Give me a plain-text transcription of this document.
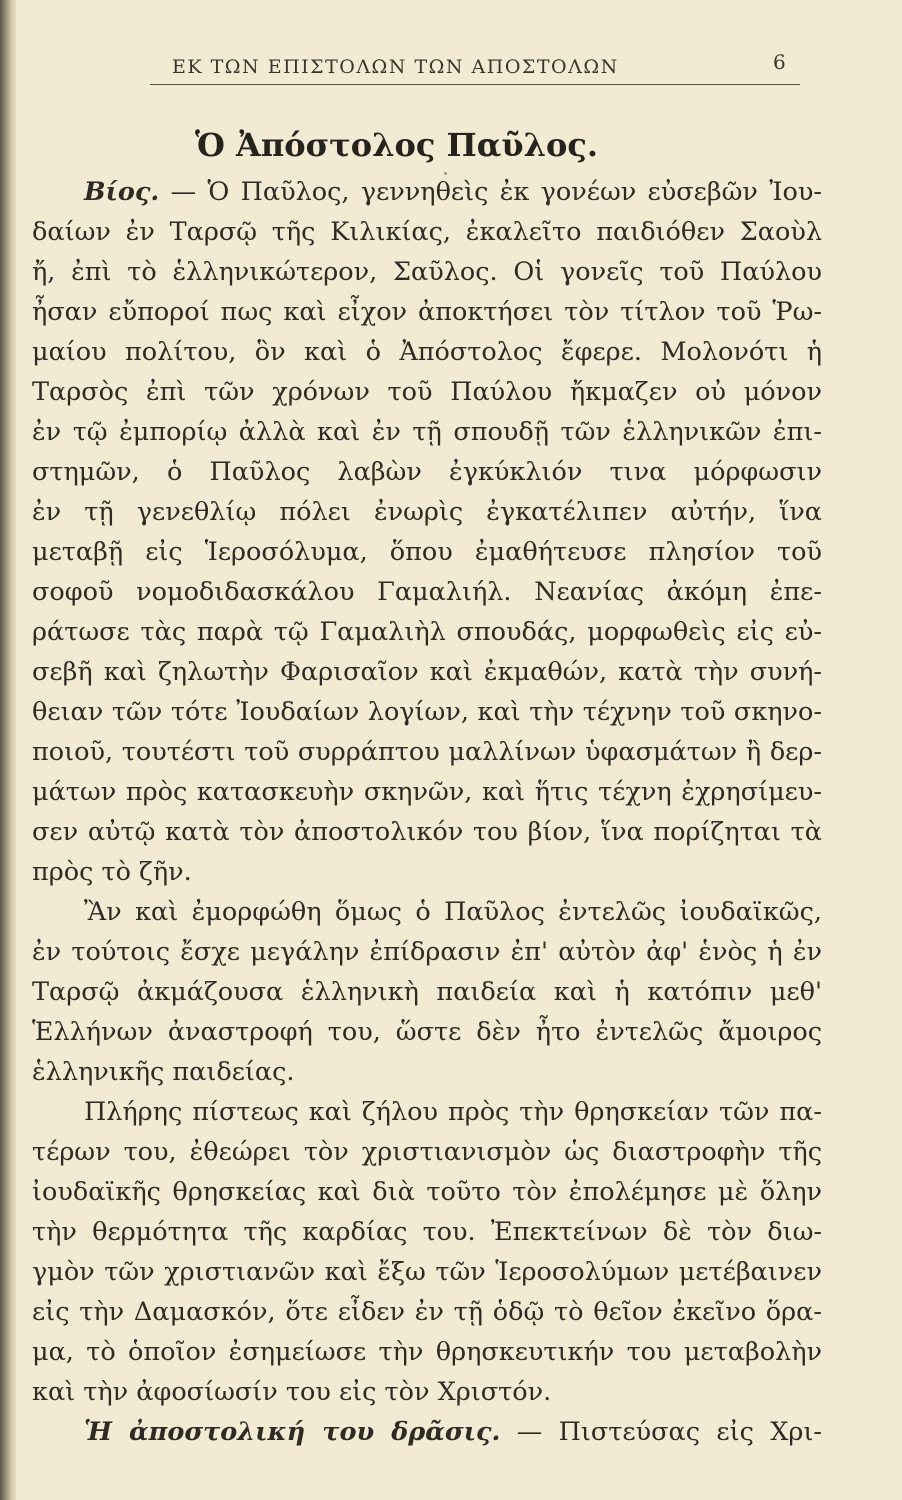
ΕΚ ΤΩΝ ΕΠΙΣΤΟΛΩΝ ΤΩΝ ΑΠΟΣΤΟΛΩΝ	6
Ὁ Ἀπόστολος Παῦλος.
Βίος. — Ὁ Παῦλος, γεννηθεὶς ἐκ γονέων εὐσεβῶν Ἰου-
δαίων ἐν Ταρσῷ τῆς Κιλικίας, ἐκαλεῖτο παιδιόθεν Σαοὺλ
ἤ, ἐπὶ τὸ ἑλληνικώτερον, Σαῦλος. Οἱ γονεῖς τοῦ Παύλου
ἦσαν εὔποροί πως καὶ εἶχον ἀποκτήσει τὸν τίτλον τοῦ Ῥω-
μαίου πολίτου, ὃν καὶ ὁ Ἀπόστολος ἔφερε. Μολονότι ἡ
Ταρσὸς ἐπὶ τῶν χρόνων τοῦ Παύλου ἤκμαζεν οὐ μόνον
ἐν τῷ ἐμπορίῳ ἀλλὰ καὶ ἐν τῇ σπουδῇ τῶν ἑλληνικῶν ἐπι-
στημῶν, ὁ Παῦλος λαβὼν ἐγκύκλιόν τινα μόρφωσιν
ἐν τῇ γενεθλίῳ πόλει ἐνωρὶς ἐγκατέλιπεν αὐτήν, ἵνα
μεταβῇ εἰς Ἱεροσόλυμα, ὅπου ἐμαθήτευσε πλησίον τοῦ
σοφοῦ νομοδιδασκάλου Γαμαλιήλ. Νεανίας ἀκόμη ἐπε-
ράτωσε τὰς παρὰ τῷ Γαμαλιὴλ σπουδάς, μορφωθεὶς εἰς εὐ-
σεβῆ καὶ ζηλωτὴν Φαρισαῖον καὶ ἐκμαθών, κατὰ τὴν συνή-
θειαν τῶν τότε Ἰουδαίων λογίων, καὶ τὴν τέχνην τοῦ σκηνο-
ποιοῦ, τουτέστι τοῦ συρράπτου μαλλίνων ὑφασμάτων ἢ δερ-
μάτων πρὸς κατασκευὴν σκηνῶν, καὶ ἥτις τέχνη ἐχρησίμευ-
σεν αὐτῷ κατὰ τὸν ἀποστολικόν του βίον, ἵνα πορίζηται τὰ
πρὸς τὸ ζῆν.
Ἂν καὶ ἐμορφώθη ὅμως ὁ Παῦλος ἐντελῶς ἰουδαϊκῶς,
ἐν τούτοις ἔσχε μεγάλην ἐπίδρασιν ἐπ' αὐτὸν ἀφ' ἑνὸς ἡ ἐν
Ταρσῷ ἀκμάζουσα ἑλληνικὴ παιδεία καὶ ἡ κατόπιν μεθ'
Ἑλλήνων ἀναστροφή του, ὥστε δὲν ἦτο ἐντελῶς ἄμοιρος
ἑλληνικῆς παιδείας.
Πλήρης πίστεως καὶ ζήλου πρὸς τὴν θρησκείαν τῶν πα-
τέρων του, ἐθεώρει τὸν χριστιανισμὸν ὡς διαστροφὴν τῆς
ἰουδαϊκῆς θρησκείας καὶ διὰ τοῦτο τὸν ἐπολέμησε μὲ ὅλην
τὴν θερμότητα τῆς καρδίας του. Ἐπεκτείνων δὲ τὸν διω-
γμὸν τῶν χριστιανῶν καὶ ἔξω τῶν Ἱεροσολύμων μετέβαινεν
εἰς τὴν Δαμασκόν, ὅτε εἶδεν ἐν τῇ ὁδῷ τὸ θεῖον ἐκεῖνο ὅρα-
μα, τὸ ὁποῖον ἐσημείωσε τὴν θρησκευτικήν του μεταβολὴν
καὶ τὴν ἀφοσίωσίν του εἰς τὸν Χριστόν.
Ἡ ἀποστολική του δρᾶσις. — Πιστεύσας εἰς Χρι-
